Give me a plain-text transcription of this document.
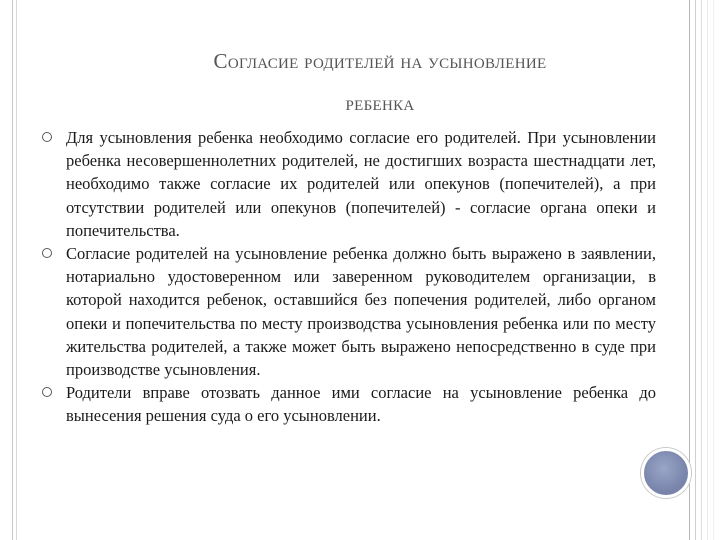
Согласие родителей на усыновление
ребенка

Для усыновления ребенка необходимо согласие его родителей. При усыновлении ребенка несовершеннолетних родителей, не достигших возраста шестнадцати лет, необходимо также согласие их родителей или опекунов (попечителей), а при отсутствии родителей или опекунов (попечителей) - согласие органа опеки и попечительства.

Согласие родителей на усыновление ребенка должно быть выражено в заявлении, нотариально удостоверенном или заверенном руководителем организации, в которой находится ребенок, оставшийся без попечения родителей, либо органом опеки и попечительства по месту производства усыновления ребенка или по месту жительства родителей, а также может быть выражено непосредственно в суде при производстве усыновления.

Родители вправе отозвать данное ими согласие на усыновление ребенка до вынесения решения суда о его усыновлении.
